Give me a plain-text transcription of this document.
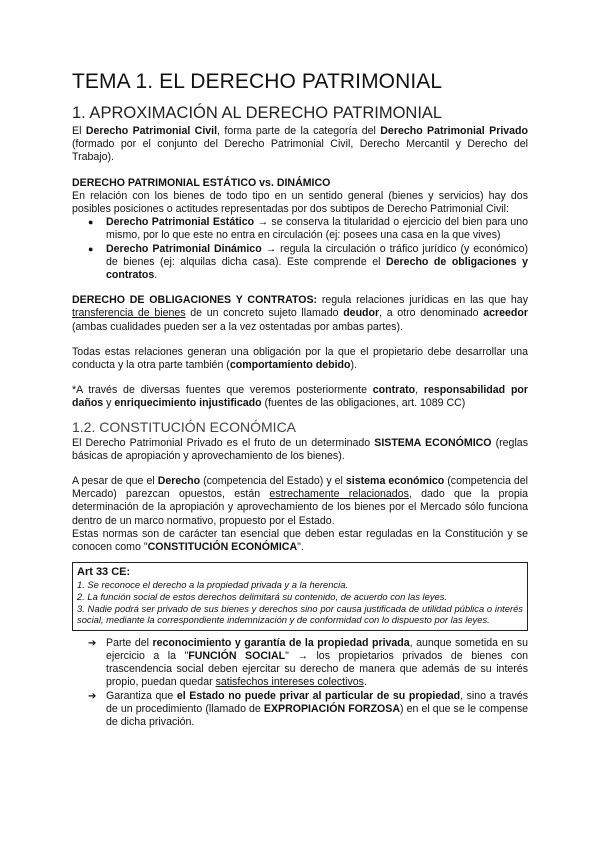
TEMA 1. EL DERECHO PATRIMONIAL
1. APROXIMACIÓN AL DERECHO PATRIMONIAL

El Derecho Patrimonial Civil, forma parte de la categoría del Derecho Patrimonial Privado (formado por el conjunto del Derecho Patrimonial Civil, Derecho Mercantil y Derecho del Trabajo).

DERECHO PATRIMONIAL ESTÁTICO vs. DINÁMICO

En relación con los bienes de todo tipo en un sentido general (bienes y servicios) hay dos posibles posiciones o actitudes representadas por dos subtipos de Derecho Patrimonial Civil:

● Derecho Patrimonial Estático → se conserva la titularidad o ejercicio del bien para uno mismo, por lo que este no entra en circulación (ej: posees una casa en la que vives)
● Derecho Patrimonial Dinámico → regula la circulación o tráfico jurídico (y económico) de bienes (ej: alquilas dicha casa). Este comprende el Derecho de obligaciones y contratos.

DERECHO DE OBLIGACIONES Y CONTRATOS: regula relaciones jurídicas en las que hay transferencia de bienes de un concreto sujeto llamado deudor, a otro denominado acreedor (ambas cualidades pueden ser a la vez ostentadas por ambas partes).

Todas estas relaciones generan una obligación por la que el propietario debe desarrollar una conducta y la otra parte también (comportamiento debido).

*A través de diversas fuentes que veremos posteriormente contrato, responsabilidad por daños y enriquecimiento injustificado (fuentes de las obligaciones, art. 1089 CC)

1.2. CONSTITUCIÓN ECONÓMICA

El Derecho Patrimonial Privado es el fruto de un determinado SISTEMA ECONÓMICO (reglas básicas de apropiación y aprovechamiento de los bienes).

A pesar de que el Derecho (competencia del Estado) y el sistema económico (competencia del Mercado) parezcan opuestos, están estrechamente relacionados, dado que la propia determinación de la apropiación y aprovechamiento de los bienes por el Mercado sólo funciona dentro de un marco normativo, propuesto por el Estado.

Estas normas son de carácter tan esencial que deben estar reguladas en la Constitución y se conocen como "CONSTITUCIÓN ECONÓMICA".

Art 33 CE:
1. Se reconoce el derecho a la propiedad privada y a la herencia.
2. La función social de estos derechos delimitará su contenido, de acuerdo con las leyes.
3. Nadie podrá ser privado de sus bienes y derechos sino por causa justificada de utilidad pública o interés social, mediante la correspondiente indemnización y de conformidad con lo dispuesto por las leyes.
➔ Parte del reconocimiento y garantía de la propiedad privada, aunque sometida en su ejercicio a la "FUNCIÓN SOCIAL" → los propietarios privados de bienes con trascendencia social deben ejercitar su derecho de manera que además de su interés propio, puedan quedar satisfechos intereses colectivos.
➔ Garantiza que el Estado no puede privar al particular de su propiedad, sino a través de un procedimiento (llamado de EXPROPIACIÓN FORZOSA) en el que se le compense de dicha privación.
